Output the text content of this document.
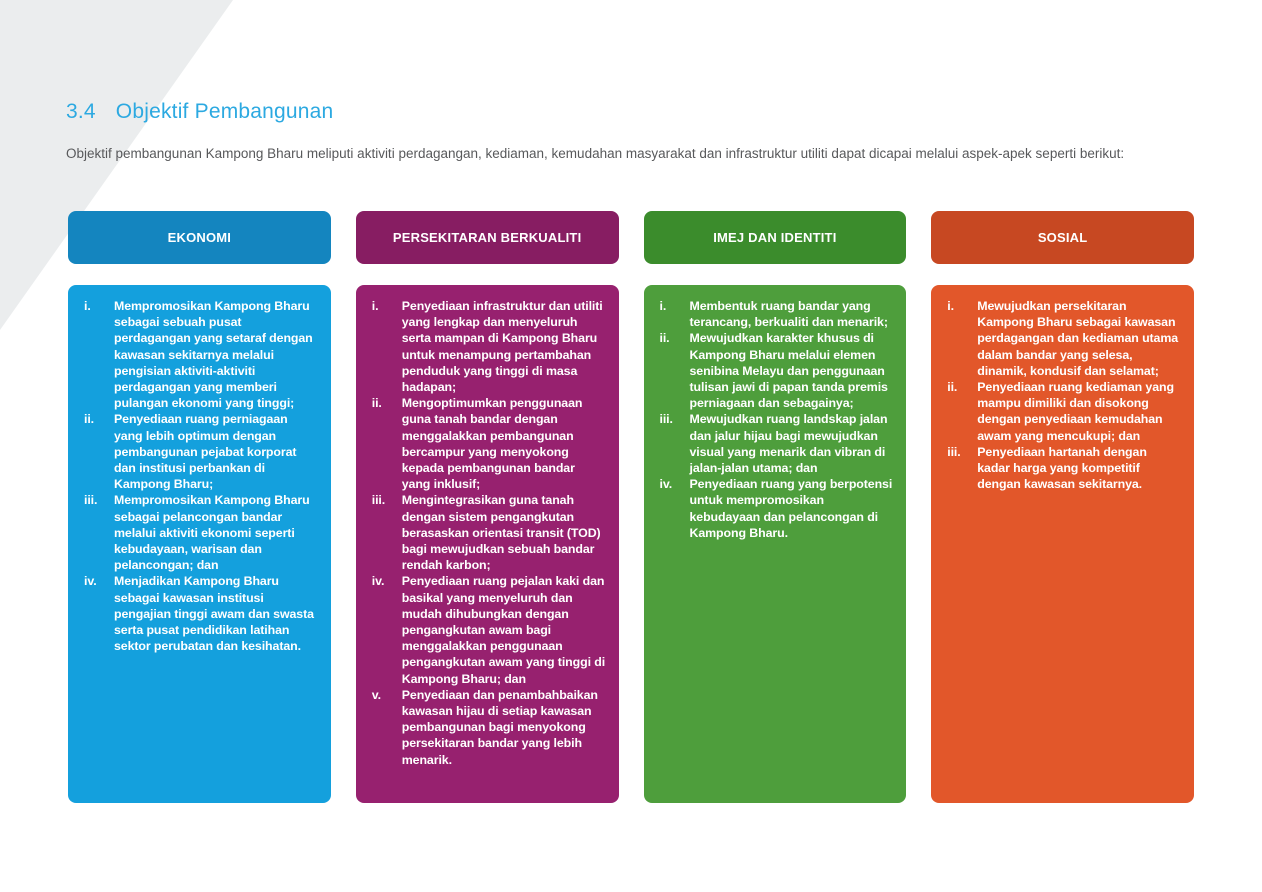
3.4 Objektif Pembangunan
Objektif pembangunan Kampong Bharu meliputi aktiviti perdagangan, kediaman, kemudahan masyarakat dan infrastruktur utiliti dapat dicapai melalui aspek-apek seperti berikut:
EKONOMI
i.	Mempromosikan Kampong Bharu sebagai sebuah pusat perdagangan yang setaraf dengan kawasan sekitarnya melalui pengisian aktiviti-aktiviti perdagangan yang memberi pulangan ekonomi yang tinggi;
ii.	Penyediaan ruang perniagaan yang lebih optimum dengan pembangunan pejabat korporat dan institusi perbankan di Kampong Bharu;
iii.	Mempromosikan Kampong Bharu sebagai pelancongan bandar melalui aktiviti ekonomi seperti kebudayaan, warisan dan pelancongan; dan
iv.	Menjadikan Kampong Bharu sebagai kawasan institusi pengajian tinggi awam dan swasta serta pusat pendidikan latihan sektor perubatan dan kesihatan.
PERSEKITARAN BERKUALITI
i.	Penyediaan infrastruktur dan utiliti yang lengkap dan menyeluruh serta mampan di Kampong Bharu untuk menampung pertambahan penduduk yang tinggi di masa hadapan;
ii.	Mengoptimumkan penggunaan guna tanah bandar dengan menggalakkan pembangunan bercampur yang menyokong kepada pembangunan bandar yang inklusif;
iii.	Mengintegrasikan guna tanah dengan sistem pengangkutan berasaskan orientasi transit (TOD) bagi mewujudkan sebuah bandar rendah karbon;
iv.	Penyediaan ruang pejalan kaki dan basikal yang menyeluruh dan mudah dihubungkan dengan pengangkutan awam bagi menggalakkan penggunaan pengangkutan awam yang tinggi di Kampong Bharu; dan
v.	Penyediaan dan penambahbaikan kawasan hijau di setiap kawasan pembangunan bagi menyokong persekitaran bandar yang lebih menarik.
IMEJ DAN IDENTITI
i.	Membentuk ruang bandar yang terancang, berkualiti dan menarik;
ii.	Mewujudkan karakter khusus di Kampong Bharu melalui elemen senibina Melayu dan penggunaan tulisan jawi di papan tanda premis perniagaan dan sebagainya;
iii.	Mewujudkan ruang landskap jalan dan jalur hijau bagi mewujudkan visual yang menarik dan vibran di jalan-jalan utama; dan
iv.	Penyediaan ruang yang berpotensi untuk mempromosikan kebudayaan dan pelancongan di Kampong Bharu.
SOSIAL
i.	Mewujudkan persekitaran Kampong Bharu sebagai kawasan perdagangan dan kediaman utama dalam bandar yang selesa, dinamik, kondusif dan selamat;
ii.	Penyediaan ruang kediaman yang mampu dimiliki dan disokong dengan penyediaan kemudahan awam yang mencukupi; dan
iii.	Penyediaan hartanah dengan kadar harga yang kompetitif dengan kawasan sekitarnya.
